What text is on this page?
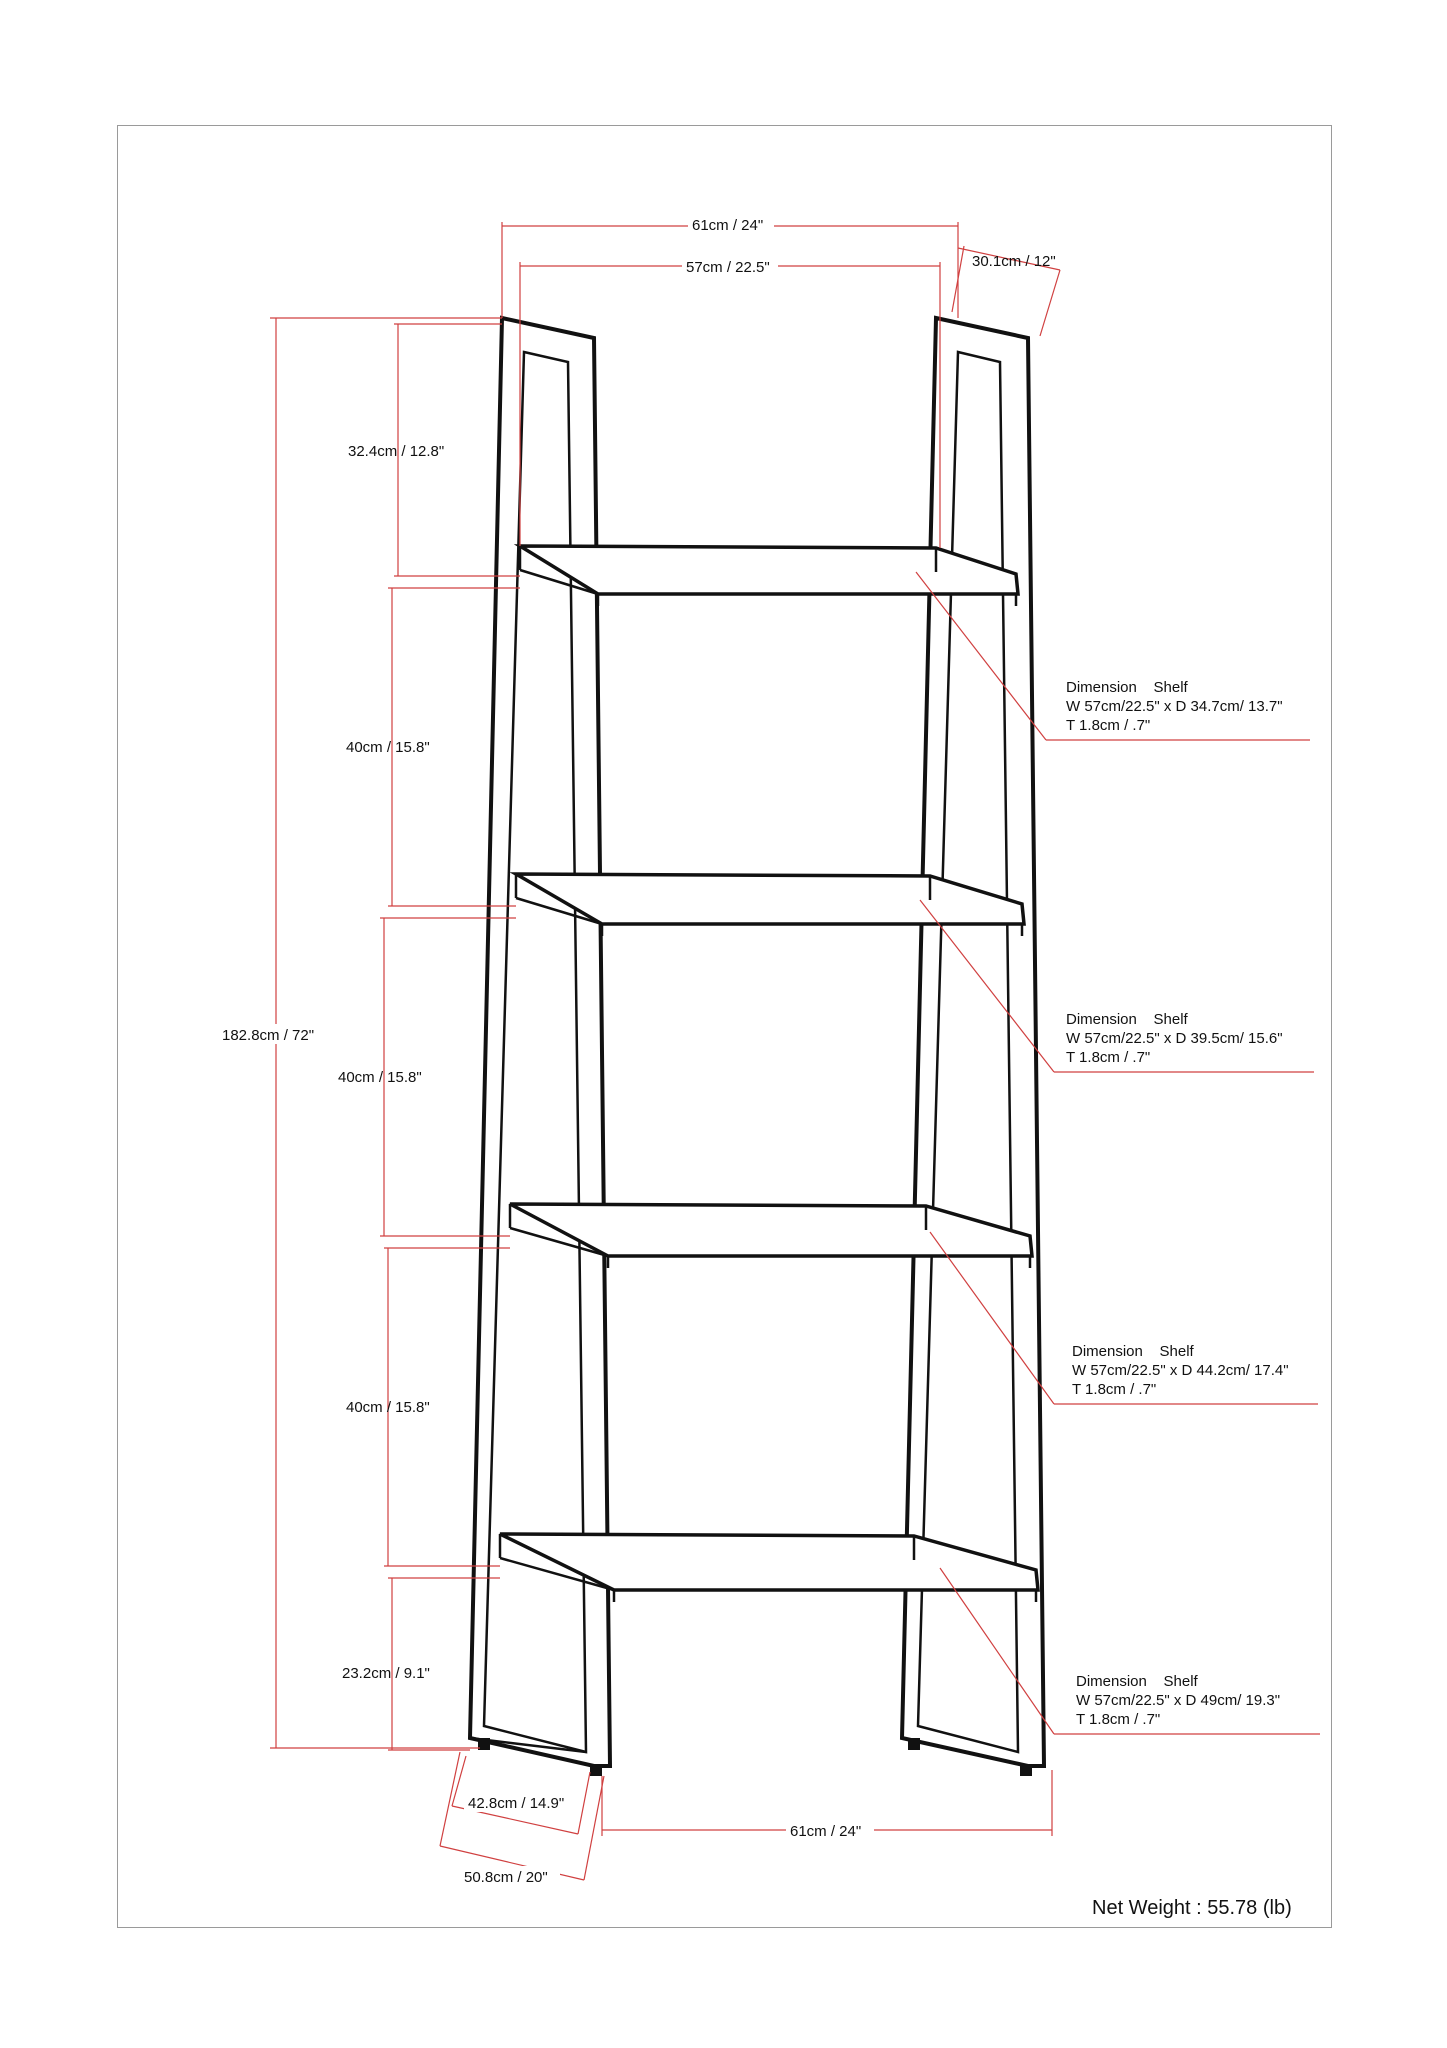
61cm / 24"
57cm / 22.5"	30.1cm / 12"
182.8cm / 72"
32.4cm / 12.8"
40cm / 15.8"
40cm / 15.8"
40cm / 15.8"
23.2cm / 9.1"
42.8cm / 14.9"
50.8cm / 20"
61cm / 24"
Dimension    Shelf
W 57cm/22.5" x D 34.7cm/ 13.7"
T 1.8cm / .7"
Dimension    Shelf
W 57cm/22.5" x D 39.5cm/ 15.6"
T 1.8cm / .7"
Dimension    Shelf
W 57cm/22.5" x D 44.2cm/ 17.4"
T 1.8cm / .7"
Dimension    Shelf
W 57cm/22.5" x D 49cm/ 19.3"
T 1.8cm / .7"
Net Weight : 55.78 (lb)
